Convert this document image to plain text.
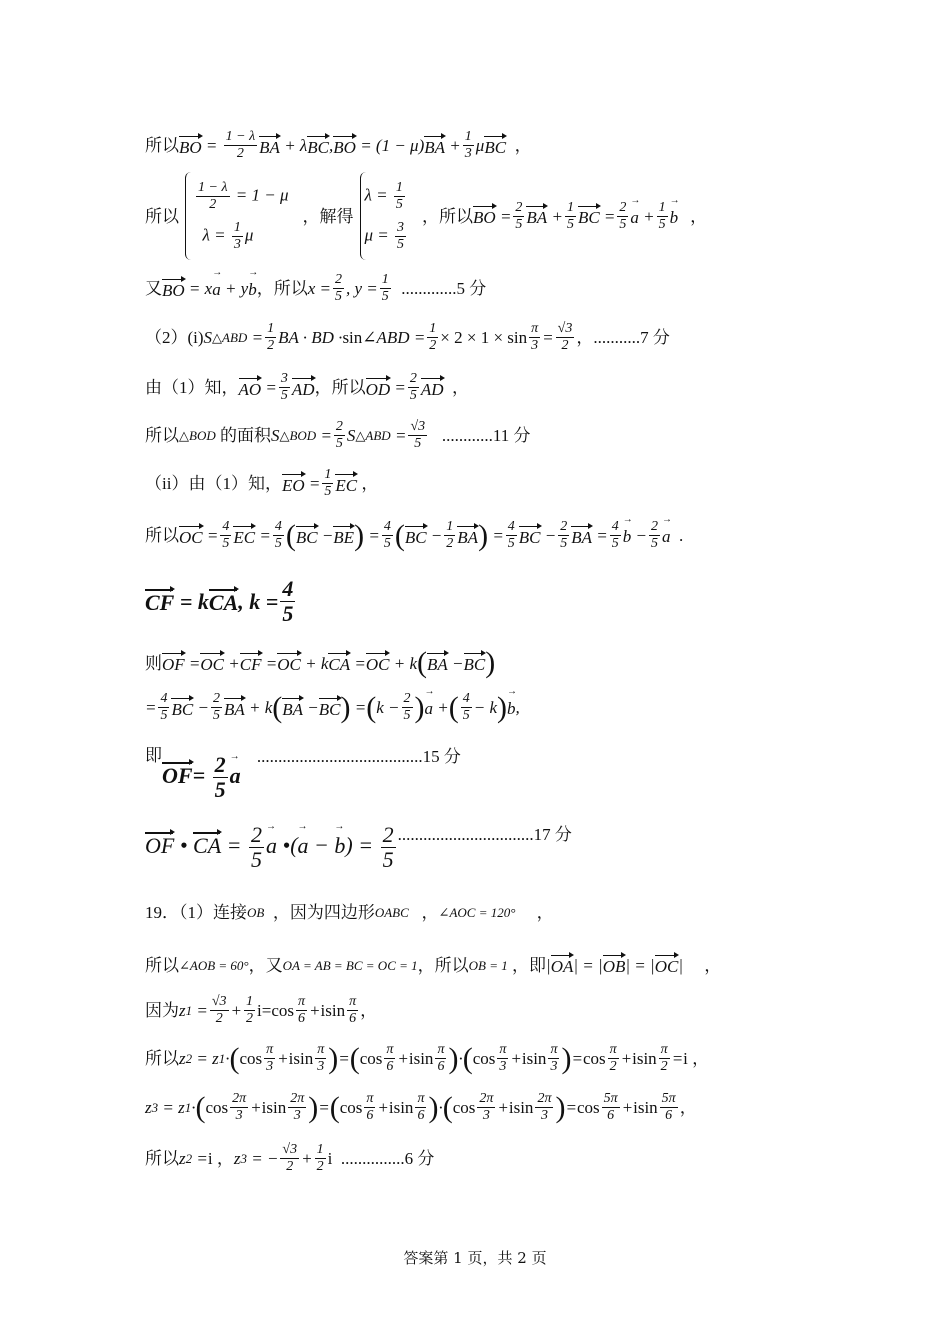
所以 BO = $\frac{1 - \lambda}{2}$ BA + λ BC , BO = (1 − μ) BA + $\frac{1}{3}$ μ BC
，
所以
$\frac{1 - \lambda}{2} = 1 - \mu$
$\lambda = \frac{1}{3}$ μ
，解得
$\lambda = \frac{1}{5}$
$\mu = \frac{3}{5}$
，所以 BO = $\frac{2}{5}$ BA + $\frac{1}{5}$ BC = $\frac{2}{5}$ a → + $\frac{1}{5}$ b → ，
又 BO = x a → + y b → ，所以 $x = \frac{2}{5}$ , $y = \frac{1}{5}$
.............5 分
（2）(i) S △ABD = $\frac{1}{2}$ BA · BD · sin ∠ABD = $\frac{1}{2} \times 2 \times 1 \times \sin \frac{\pi}{3} = \frac{√3}{2}$ ，...........7 分
由（1）知， AO = $\frac{3}{5}$ AD ，所以 OD = $\frac{2}{5}$ AD
，
所以 △BOD
的面积 S △BOD = $\frac{2}{5}$ S △ABD = $\frac{√3}{5}$
............11 分
（ii）由（1）知， EO = $\frac{1}{5}$ EC
，
所以 OC = $\frac{4}{5}$ EC = $\frac{4}{5}$ ( BC − BE ) = $\frac{4}{5}$ ( BC − $\frac{1}{2}$ BA ) = $\frac{4}{5}$ BC − $\frac{2}{5}$ BA = $\frac{4}{5}$ b → − $\frac{2}{5}$ a →
.
CF = k CA , $k = \frac{4}{5}$
则 OF = OC + CF = OC + k CA = OC + k ( BA − BC )
= $\frac{4}{5}$ BC − $\frac{2}{5}$ BA + k ( BA − BC ) = ( $k - \frac{2}{5}$ ) a → + ( $\frac{4}{5} - k$ ) b → ,
即
$OF= \frac{2}{5}$ a →

.......................................15 分
OF • CA = $\frac{2}{5}$ a → •(a → − b →) = $\frac{2}{5} ................................17$ 分
19．（1）连接 OB
，因为四边形 OABC
， ∠AOC = 120°
，
所以 ∠AOB = 60° ，又 OA = AB = BC = OC = 1 ，所以 OB = 1
，即 | OA | = | OB | = | OC | ，
因为 z $1 = \frac{√3}{2} + \frac{1}{2} i=\cos \frac{\pi}{6} + isin \frac{\pi}{6}$ ，
所以 z 2 = z 1 · ( $\cos \frac{\pi}{3} + isin \frac{\pi}{3}$ ) = ( $\cos \frac{\pi}{6} + isin \frac{\pi}{6}$ ) · ( $\cos \frac{\pi}{3} + isin \frac{\pi}{3}$ ) = $\cos \frac{\pi}{2} + isin \frac{\pi}{2} = i$
，
z 3 = z 1 · ( $\cos \frac{2\pi}{3} + isin \frac{2\pi}{3}$ ) = ( $\cos \frac{\pi}{6} + isin \frac{\pi}{6}$ ) · ( $\cos \frac{2\pi}{3} + isin \frac{2\pi}{3}$ ) = $\cos \frac{5\pi}{6} + isin \frac{5\pi}{6}$ ，
所以 z 2 = i
， z 3 = − $\frac{√3}{2} + \frac{1}{2}$ i
...............6 分
答案第 1 页，共 2 页
